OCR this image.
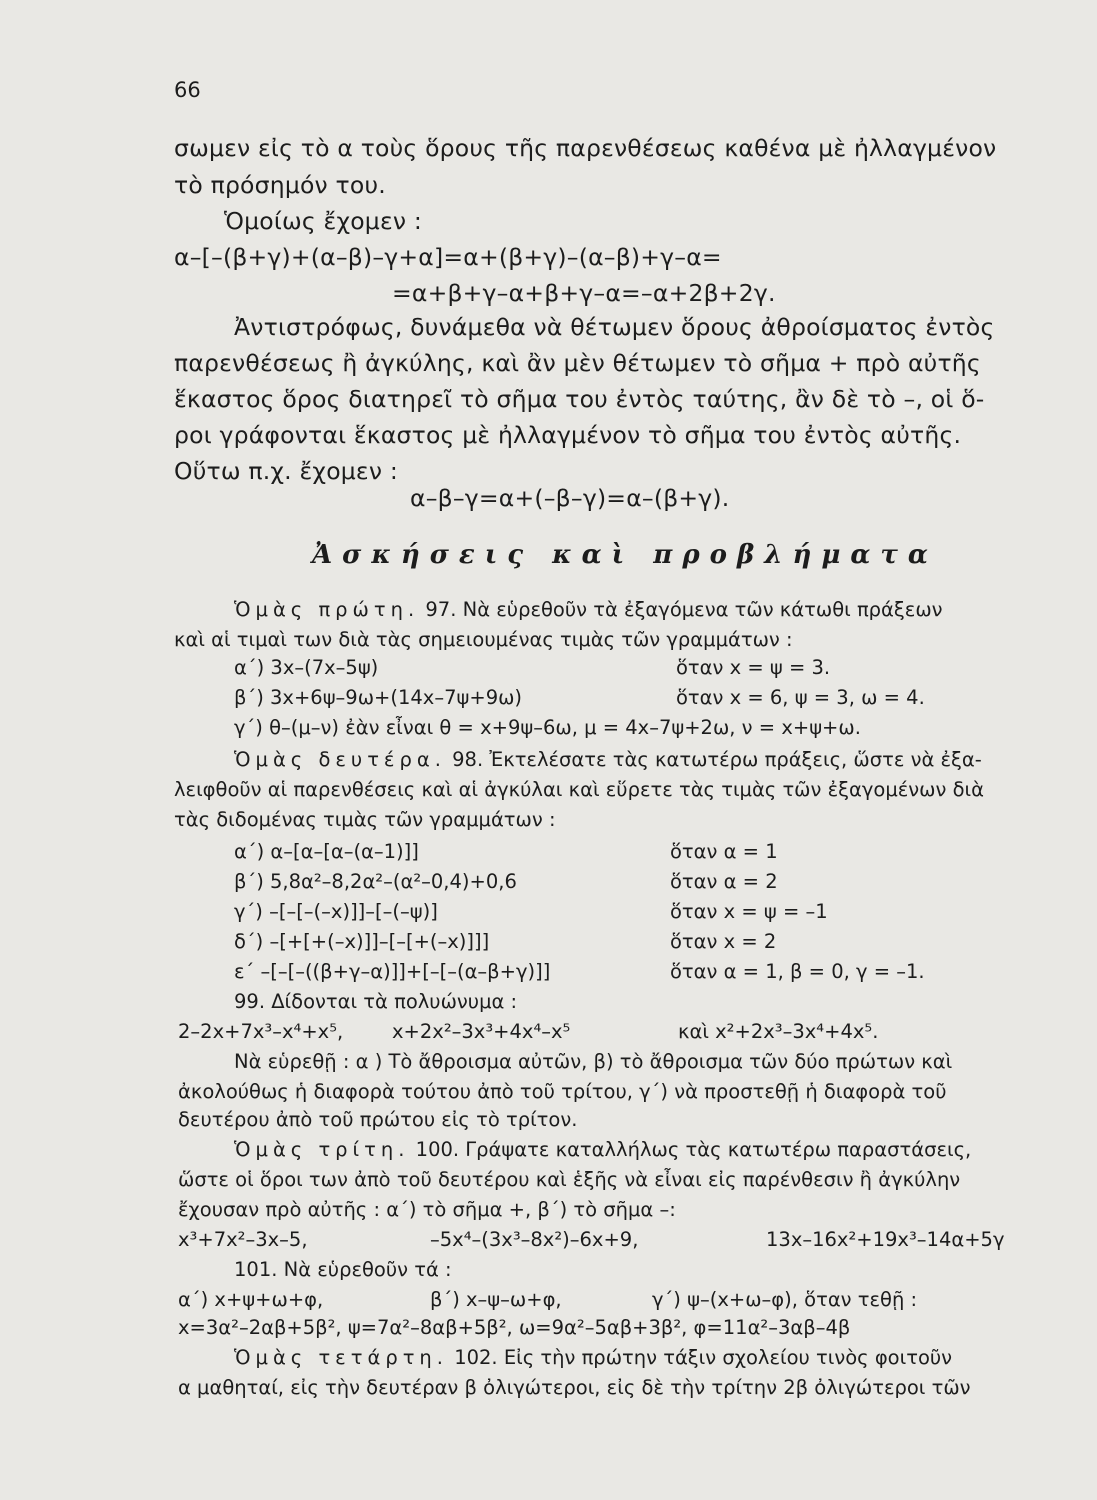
66
σωμεν εἰς τὸ α τοὺς ὅρους τῆς παρενθέσεως καθένα μὲ ἠλλαγμένον
τὸ πρόσημόν του.
Ὁμοίως ἔχομεν :
α–[–(β+γ)+(α–β)–γ+α]=α+(β+γ)–(α–β)+γ–α=
=α+β+γ–α+β+γ–α=–α+2β+2γ.
Ἀντιστρόφως, δυνάμεθα νὰ θέτωμεν ὅρους ἀθροίσματος ἐντὸς
παρενθέσεως ἢ ἀγκύλης, καὶ ἂν μὲν θέτωμεν τὸ σῆμα + πρὸ αὐτῆς
ἕκαστος ὅρος διατηρεῖ τὸ σῆμα του ἐντὸς ταύτης, ἂν δὲ τὸ –, οἱ ὅ-
ροι γράφονται ἕκαστος μὲ ἠλλαγμένον τὸ σῆμα του ἐντὸς αὐτῆς.
Οὕτω π.χ. ἔχομεν :
α–β–γ=α+(–β–γ)=α–(β+γ).
Ἀσκήσεις καὶ προβλήματα
Ὁμὰς πρώτη. 97. Νὰ εὑρεθοῦν τὰ ἐξαγόμενα τῶν κάτωθι πράξεων
καὶ αἱ τιμαὶ των διὰ τὰς σημειουμένας τιμὰς τῶν γραμμάτων :
α΄) 3x–(7x–5ψ)	ὅταν x = ψ = 3.
β΄) 3x+6ψ–9ω+(14x–7ψ+9ω)	ὅταν x = 6, ψ = 3, ω = 4.
γ΄) θ–(μ–ν) ἐὰν εἶναι θ = x+9ψ–6ω, μ = 4x–7ψ+2ω, ν = x+ψ+ω.
Ὁμὰς δευτέρα. 98. Ἐκτελέσατε τὰς κατωτέρω πράξεις, ὥστε νὰ ἐξα-
λειφθοῦν αἱ παρενθέσεις καὶ αἱ ἀγκύλαι καὶ εὕρετε τὰς τιμὰς τῶν ἐξαγομένων διὰ
τὰς διδομένας τιμὰς τῶν γραμμάτων :
α΄) α–[α–[α–(α–1)]]	ὅταν α = 1
β΄) 5,8α²–8,2α²–(α²–0,4)+0,6	ὅταν α = 2
γ΄) –[–[–(–x)]]–[–(–ψ)]	ὅταν x = ψ = –1
δ΄) –[+[+(–x)]]–[–[+(–x)]]]	ὅταν x = 2
ε΄ –[–[–((β+γ–α)]]+[–[–(α–β+γ)]]	ὅταν α = 1, β = 0, γ = –1.
99. Δίδονται τὰ πολυώνυμα :
2–2x+7x³–x⁴+x⁵,	x+2x²–3x³+4x⁴–x⁵	καὶ x²+2x³–3x⁴+4x⁵.
Νὰ εὑρεθῇ : α ) Τὸ ἄθροισμα αὐτῶν, β) τὸ ἄθροισμα τῶν δύο πρώτων καὶ
ἀκολούθως ἡ διαφορὰ τούτου ἀπὸ τοῦ τρίτου, γ΄) νὰ προστεθῇ ἡ διαφορὰ τοῦ
δευτέρου ἀπὸ τοῦ πρώτου εἰς τὸ τρίτον.
Ὁμὰς τρίτη. 100. Γράψατε καταλλήλως τὰς κατωτέρω παραστάσεις,
ὥστε οἱ ὅροι των ἀπὸ τοῦ δευτέρου καὶ ἑξῆς νὰ εἶναι εἰς παρένθεσιν ἢ ἀγκύλην
ἔχουσαν πρὸ αὐτῆς : α΄) τὸ σῆμα +, β΄) τὸ σῆμα –:
x³+7x²–3x–5,	–5x⁴–(3x³–8x²)–6x+9,	13x–16x²+19x³–14α+5γ
101. Νὰ εὑρεθοῦν τά :
α΄) x+ψ+ω+φ,	β΄) x–ψ–ω+φ,	γ΄) ψ–(x+ω–φ), ὅταν τεθῇ :
x=3α²–2αβ+5β², ψ=7α²–8αβ+5β², ω=9α²–5αβ+3β², φ=11α²–3αβ–4β
Ὁμὰς τετάρτη. 102. Εἰς τὴν πρώτην τάξιν σχολείου τινὸς φοιτοῦν
α μαθηταί, εἰς τὴν δευτέραν β ὀλιγώτεροι, εἰς δὲ τὴν τρίτην 2β ὀλιγώτεροι τῶν
